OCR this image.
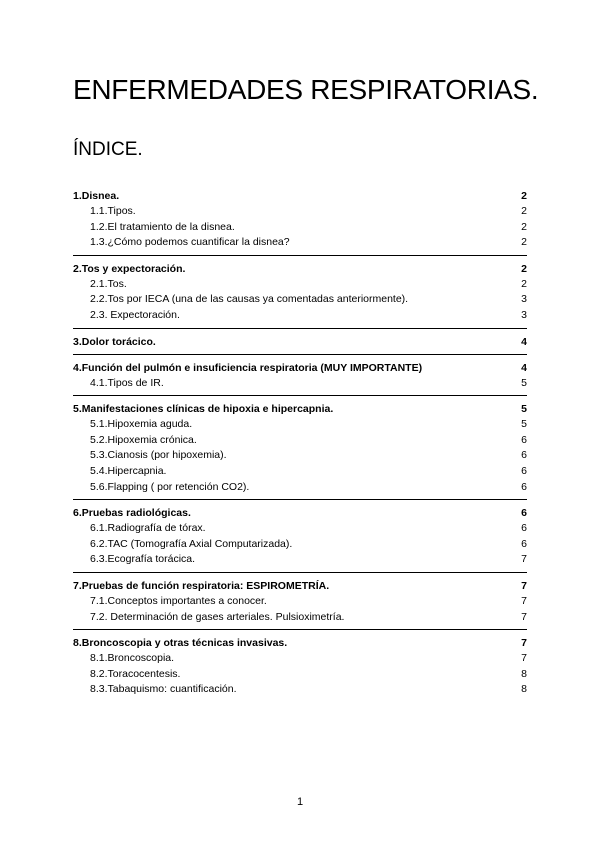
ENFERMEDADES RESPIRATORIAS.
ÍNDICE.
1.Disnea.	2
1.1.Tipos.	2
1.2.El tratamiento de la disnea.	2
1.3.¿Cómo podemos cuantificar la disnea?	2
2.Tos y expectoración.	2
2.1.Tos.	2
2.2.Tos por IECA (una de las causas ya comentadas anteriormente).	3
2.3. Expectoración.	3
3.Dolor torácico.	4
4.Función del pulmón e insuficiencia respiratoria (MUY IMPORTANTE)	4
4.1.Tipos de IR.	5
5.Manifestaciones clínicas de hipoxia e hipercapnia.	5
5.1.Hipoxemia aguda.	5
5.2.Hipoxemia crónica.	6
5.3.Cianosis (por hipoxemia).	6
5.4.Hipercapnia.	6
5.6.Flapping ( por retención CO2).	6
6.Pruebas radiológicas.	6
6.1.Radiografía de tórax.	6
6.2.TAC (Tomografía Axial Computarizada).	6
6.3.Ecografía torácica.	7
7.Pruebas de función respiratoria: ESPIROMETRÍA.	7
7.1.Conceptos importantes a conocer.	7
7.2. Determinación de gases arteriales. Pulsioximetría.	7
8.Broncoscopia y otras técnicas invasivas.	7
8.1.Broncoscopia.	7
8.2.Toracocentesis.	8
8.3.Tabaquismo: cuantificación.	8
1
